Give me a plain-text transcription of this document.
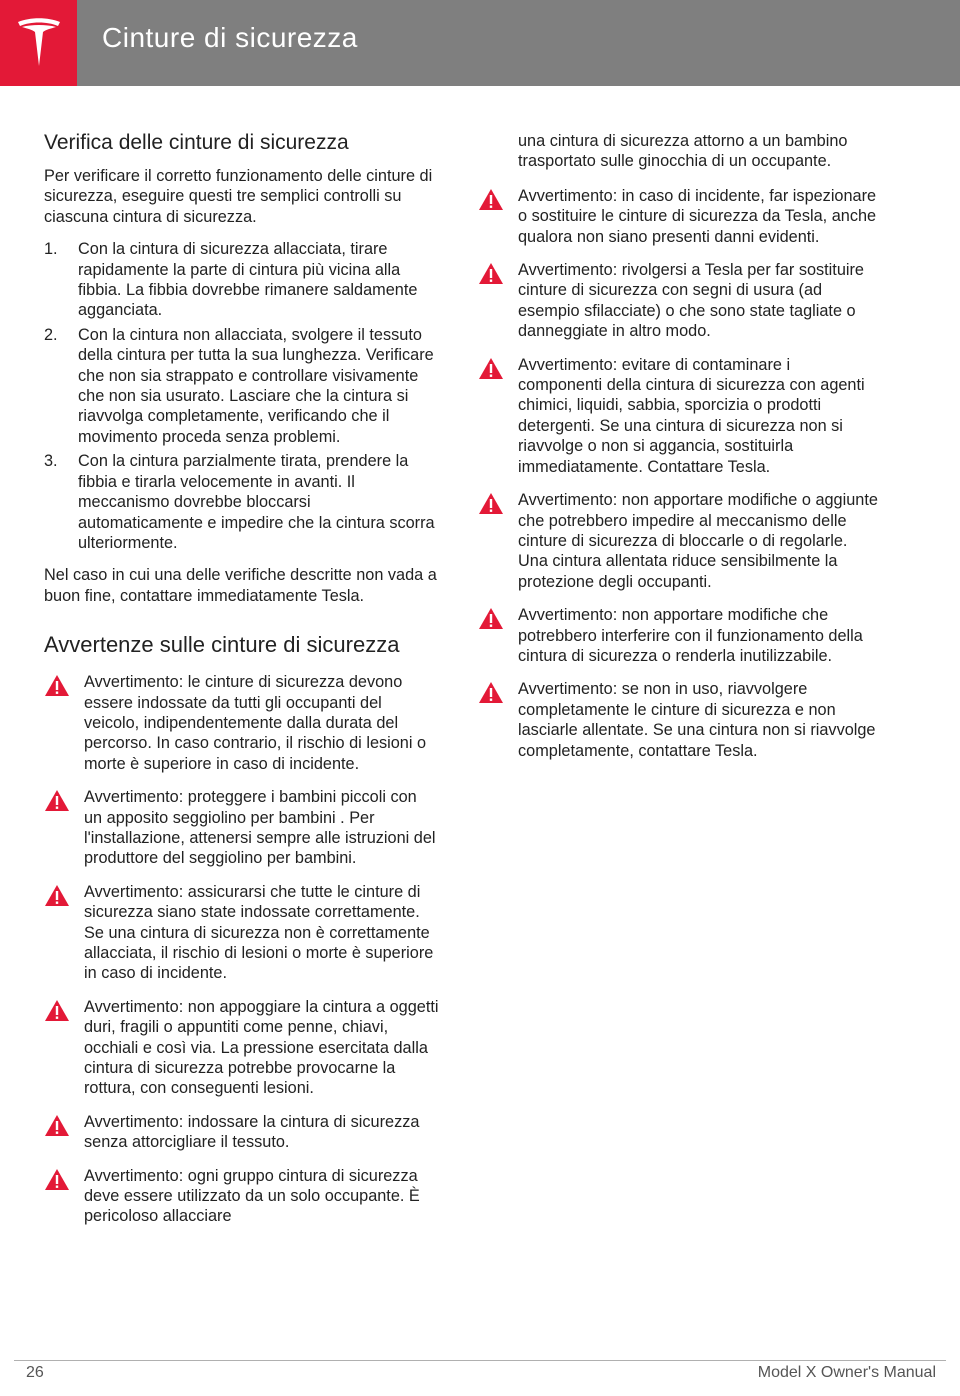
Cinture di sicurezza
Verifica delle cinture di sicurezza

Per verificare il corretto funzionamento delle cinture di sicurezza, eseguire questi tre semplici controlli su ciascuna cintura di sicurezza.

1. Con la cintura di sicurezza allacciata, tirare rapidamente la parte di cintura più vicina alla fibbia. La fibbia dovrebbe rimanere saldamente agganciata.
2. Con la cintura non allacciata, svolgere il tessuto della cintura per tutta la sua lunghezza. Verificare che non sia strappato e controllare visivamente che non sia usurato. Lasciare che la cintura si riavvolga completamente, verificando che il movimento proceda senza problemi.
3. Con la cintura parzialmente tirata, prendere la fibbia e tirarla velocemente in avanti. Il meccanismo dovrebbe bloccarsi automaticamente e impedire che la cintura scorra ulteriormente.

Nel caso in cui una delle verifiche descritte non vada a buon fine, contattare immediatamente Tesla.

Avvertenze sulle cinture di sicurezza
Avvertimento: le cinture di sicurezza devono essere indossate da tutti gli occupanti del veicolo, indipendentemente dalla durata del percorso. In caso contrario, il rischio di lesioni o morte è superiore in caso di incidente.
Avvertimento: proteggere i bambini piccoli con un apposito seggiolino per bambini . Per l'installazione, attenersi sempre alle istruzioni del produttore del seggiolino per bambini.
Avvertimento: assicurarsi che tutte le cinture di sicurezza siano state indossate correttamente. Se una cintura di sicurezza non è correttamente allacciata, il rischio di lesioni o morte è superiore in caso di incidente.
Avvertimento: non appoggiare la cintura a oggetti duri, fragili o appuntiti come penne, chiavi, occhiali e così via. La pressione esercitata dalla cintura di sicurezza potrebbe provocarne la rottura, con conseguenti lesioni.
Avvertimento: indossare la cintura di sicurezza senza attorcigliare il tessuto.
Avvertimento: ogni gruppo cintura di sicurezza deve essere utilizzato da un solo occupante. È pericoloso allacciare
una cintura di sicurezza attorno a un bambino trasportato sulle ginocchia di un occupante.
Avvertimento: in caso di incidente, far ispezionare o sostituire le cinture di sicurezza da Tesla, anche qualora non siano presenti danni evidenti.
Avvertimento: rivolgersi a Tesla per far sostituire cinture di sicurezza con segni di usura (ad esempio sfilacciate) o che sono state tagliate o danneggiate in altro modo.
Avvertimento: evitare di contaminare i componenti della cintura di sicurezza con agenti chimici, liquidi, sabbia, sporcizia o prodotti detergenti. Se una cintura di sicurezza non si riavvolge o non si aggancia, sostituirla immediatamente. Contattare Tesla.
Avvertimento: non apportare modifiche o aggiunte che potrebbero impedire al meccanismo delle cinture di sicurezza di bloccarle o di regolarle. Una cintura allentata riduce sensibilmente la protezione degli occupanti.
Avvertimento: non apportare modifiche che potrebbero interferire con il funzionamento della cintura di sicurezza o renderla inutilizzabile.
Avvertimento: se non in uso, riavvolgere completamente le cinture di sicurezza e non lasciarle allentate. Se una cintura non si riavvolge completamente, contattare Tesla.
26	Model X Owner's Manual
